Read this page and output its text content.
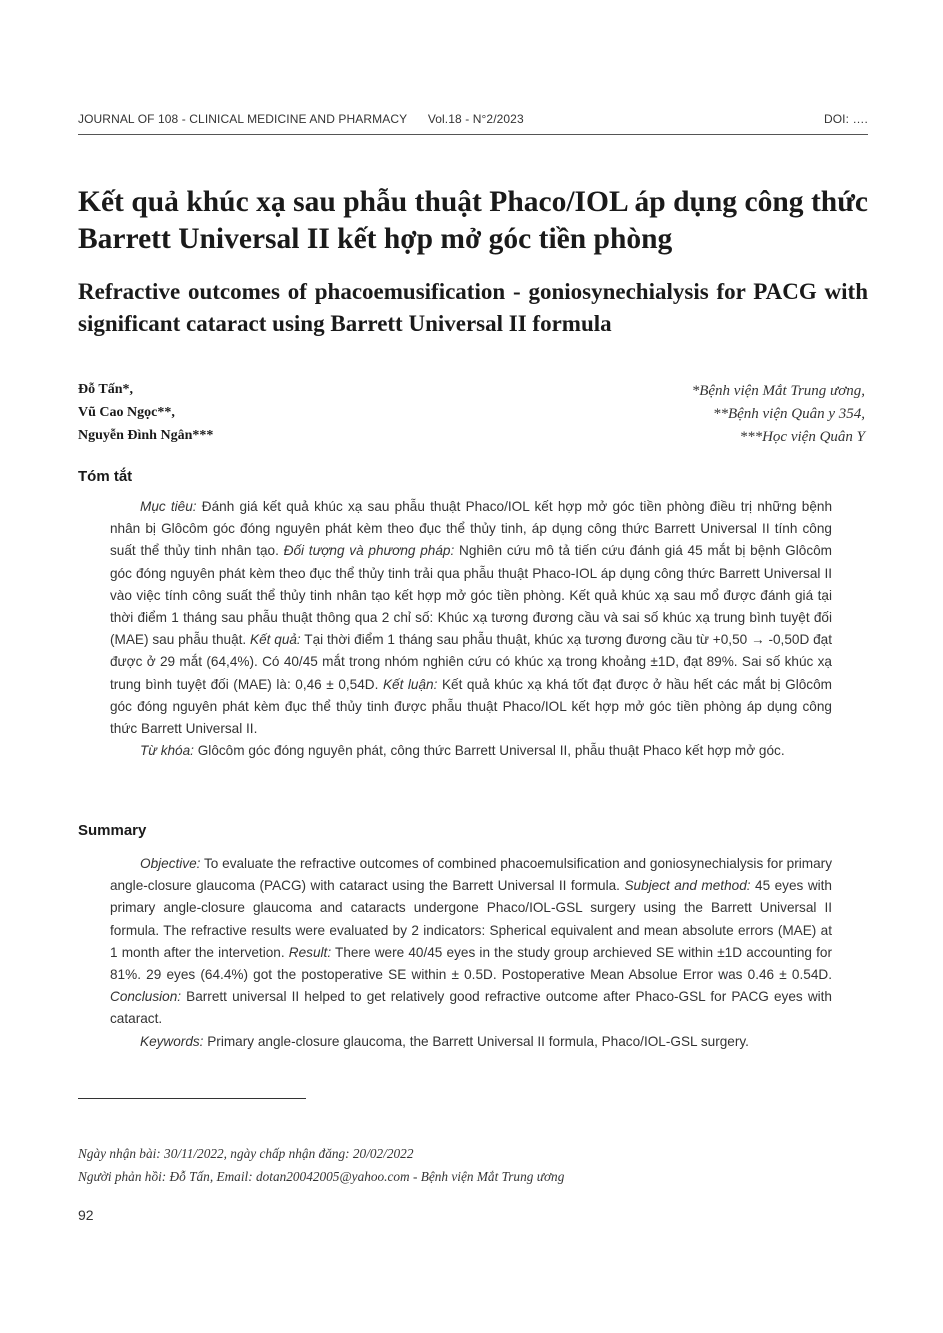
JOURNAL OF 108 - CLINICAL MEDICINE AND PHARMACY Vol.18 - N°2/2023	DOI: ….
Kết quả khúc xạ sau phẫu thuật Phaco/IOL áp dụng công thức Barrett Universal II kết hợp mở góc tiền phòng
Refractive outcomes of phacoemusification - goniosynechialysis for PACG with significant cataract using Barrett Universal II formula
Đỗ Tấn*,
Vũ Cao Ngọc**,
Nguyễn Đình Ngân***
*Bệnh viện Mắt Trung ương,
**Bệnh viện Quân y 354,
***Học viện Quân Y
Tóm tắt

Mục tiêu: Đánh giá kết quả khúc xạ sau phẫu thuật Phaco/IOL kết hợp mở góc tiền phòng điều trị những bệnh nhân bị Glôcôm góc đóng nguyên phát kèm theo đục thể thủy tinh, áp dụng công thức Barrett Universal II tính công suất thể thủy tinh nhân tạo. Đối tượng và phương pháp: Nghiên cứu mô tả tiến cứu đánh giá 45 mắt bị bệnh Glôcôm góc đóng nguyên phát kèm theo đục thể thủy tinh trải qua phẫu thuật Phaco-IOL áp dụng công thức Barrett Universal II vào việc tính công suất thể thủy tinh nhân tạo kết hợp mở góc tiền phòng. Kết quả khúc xạ sau mổ được đánh giá tại thời điểm 1 tháng sau phẫu thuật thông qua 2 chỉ số: Khúc xạ tương đương cầu và sai số khúc xạ trung bình tuyệt đối (MAE) sau phẫu thuật. Kết quả: Tại thời điểm 1 tháng sau phẫu thuật, khúc xạ tương đương cầu từ +0,50 → -0,50D đạt được ở 29 mắt (64,4%). Có 40/45 mắt trong nhóm nghiên cứu có khúc xạ trong khoảng ±1D, đạt 89%. Sai số khúc xạ trung bình tuyệt đối (MAE) là: 0,46 ± 0,54D. Kết luận: Kết quả khúc xạ khá tốt đạt được ở hầu hết các mắt bị Glôcôm góc đóng nguyên phát kèm đục thể thủy tinh được phẫu thuật Phaco/IOL kết hợp mở góc tiền phòng áp dụng công thức Barrett Universal II.

Từ khóa: Glôcôm góc đóng nguyên phát, công thức Barrett Universal II, phẫu thuật Phaco kết hợp mở góc.

Summary

Objective: To evaluate the refractive outcomes of combined phacoemulsification and goniosynechialysis for primary angle-closure glaucoma (PACG) with cataract using the Barrett Universal II formula. Subject and method: 45 eyes with primary angle-closure glaucoma and cataracts undergone Phaco/IOL-GSL surgery using the Barrett Universal II formula. The refractive results were evaluated by 2 indicators: Spherical equivalent and mean absolute errors (MAE) at 1 month after the intervetion. Result: There were 40/45 eyes in the study group archieved SE within ±1D accounting for 81%. 29 eyes (64.4%) got the postoperative SE within ± 0.5D. Postoperative Mean Absolue Error was 0.46 ± 0.54D. Conclusion: Barrett universal II helped to get relatively good refractive outcome after Phaco-GSL for PACG eyes with cataract.

Keywords: Primary angle-closure glaucoma, the Barrett Universal II formula, Phaco/IOL-GSL surgery.

Ngày nhận bài: 30/11/2022, ngày chấp nhận đăng: 20/02/2022
Người phản hồi: Đỗ Tấn, Email: dotan20042005@yahoo.com - Bệnh viện Mắt Trung ương
92
